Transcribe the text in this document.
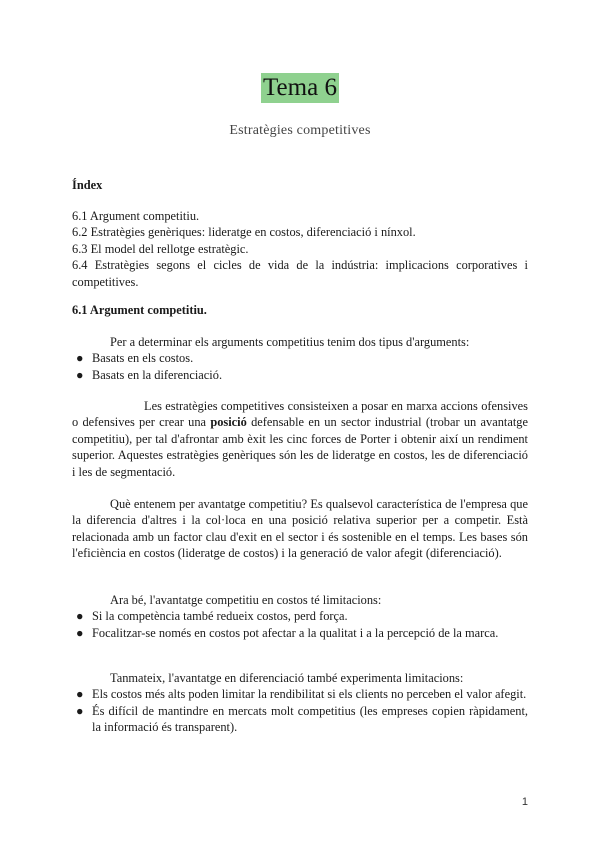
Tema 6
Estratègies competitives
Índex
6.1 Argument competitiu.
6.2 Estratègies genèriques: lideratge en costos, diferenciació i nínxol.
6.3 El model del rellotge estratègic.
6.4 Estratègies segons el cicles de vida de la indústria: implicacions corporatives i competitives.
6.1 Argument competitiu.
Per a determinar els arguments competitius tenim dos tipus d'arguments:
● Basats en els costos.
● Basats en la diferenciació.
Les estratègies competitives consisteixen a posar en marxa accions ofensives o defensives per crear una posició defensable en un sector industrial (trobar un avantatge competitiu), per tal d'afrontar amb èxit les cinc forces de Porter i obtenir així un rendiment superior. Aquestes estratègies genèriques són les de lideratge en costos, les de diferenciació i les de segmentació.
Què entenem per avantatge competitiu? Es qualsevol característica de l'empresa que la diferencia d'altres i la col·loca en una posició relativa superior per a competir. Està relacionada amb un factor clau d'exit en el sector i és sostenible en el temps. Les bases són l'eficiència en costos (lideratge de costos) i la generació de valor afegit (diferenciació).
Ara bé, l'avantatge competitiu en costos té limitacions:
● Si la competència també redueix costos, perd força.
● Focalitzar-se només en costos pot afectar a la qualitat i a la percepció de la marca.
Tanmateix, l'avantatge en diferenciació també experimenta limitacions:
● Els costos més alts poden limitar la rendibilitat si els clients no perceben el valor afegit.
● És difícil de mantindre en mercats molt competitius (les empreses copien ràpidament, la informació és transparent).
1
